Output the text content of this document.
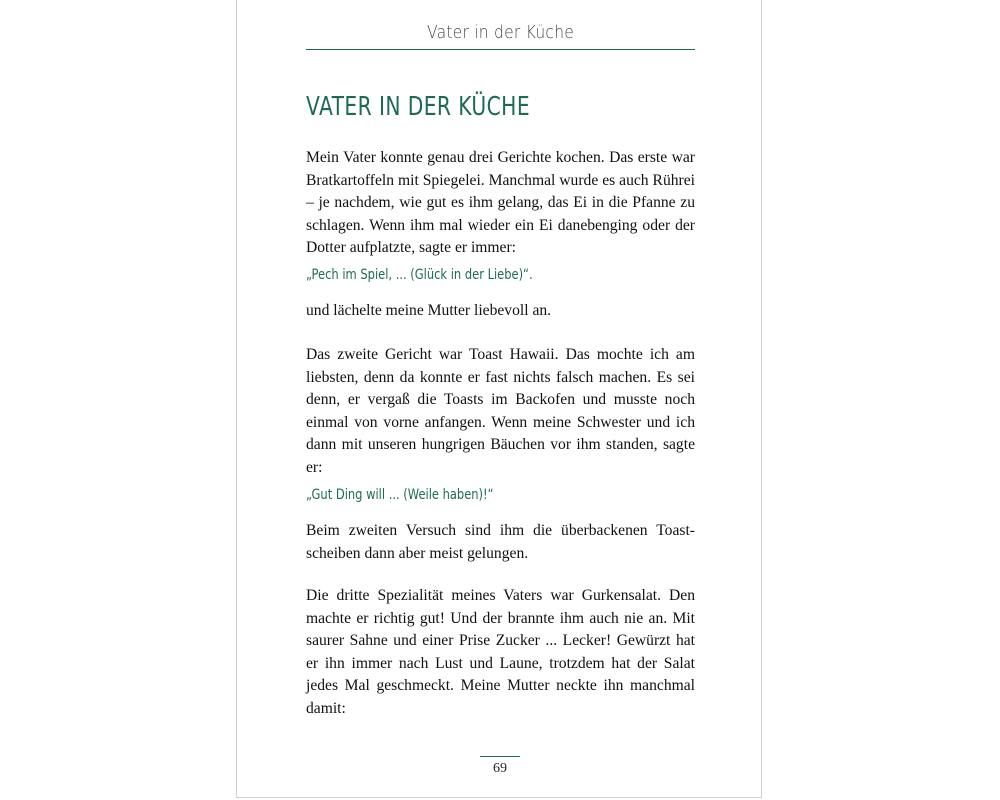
Vater in der Küche
VATER IN DER KÜCHE
Mein Vater konnte genau drei Gerichte kochen. Das erste war Bratkartoffeln mit Spiegelei. Manchmal wurde es auch Rührei – je nachdem, wie gut es ihm gelang, das Ei in die Pfanne zu schlagen. Wenn ihm mal wieder ein Ei danebenging oder der Dotter aufplatzte, sagte er immer:
„Pech im Spiel, ... (Glück in der Liebe)“.
und lächelte meine Mutter liebevoll an.
Das zweite Gericht war Toast Hawaii. Das mochte ich am liebsten, denn da konnte er fast nichts falsch machen. Es sei denn, er vergaß die Toasts im Backofen und musste noch einmal von vorne anfangen. Wenn meine Schwester und ich dann mit unseren hungrigen Bäuchen vor ihm standen, sagte er:
„Gut Ding will ... (Weile haben)!“
Beim zweiten Versuch sind ihm die überbackenen Toastscheiben dann aber meist gelungen.
Die dritte Spezialität meines Vaters war Gurkensalat. Den machte er richtig gut! Und der brannte ihm auch nie an. Mit saurer Sahne und einer Prise Zucker ... Lecker! Gewürzt hat er ihn immer nach Lust und Laune, trotzdem hat der Salat jedes Mal geschmeckt. Meine Mutter neckte ihn manchmal damit:
69
